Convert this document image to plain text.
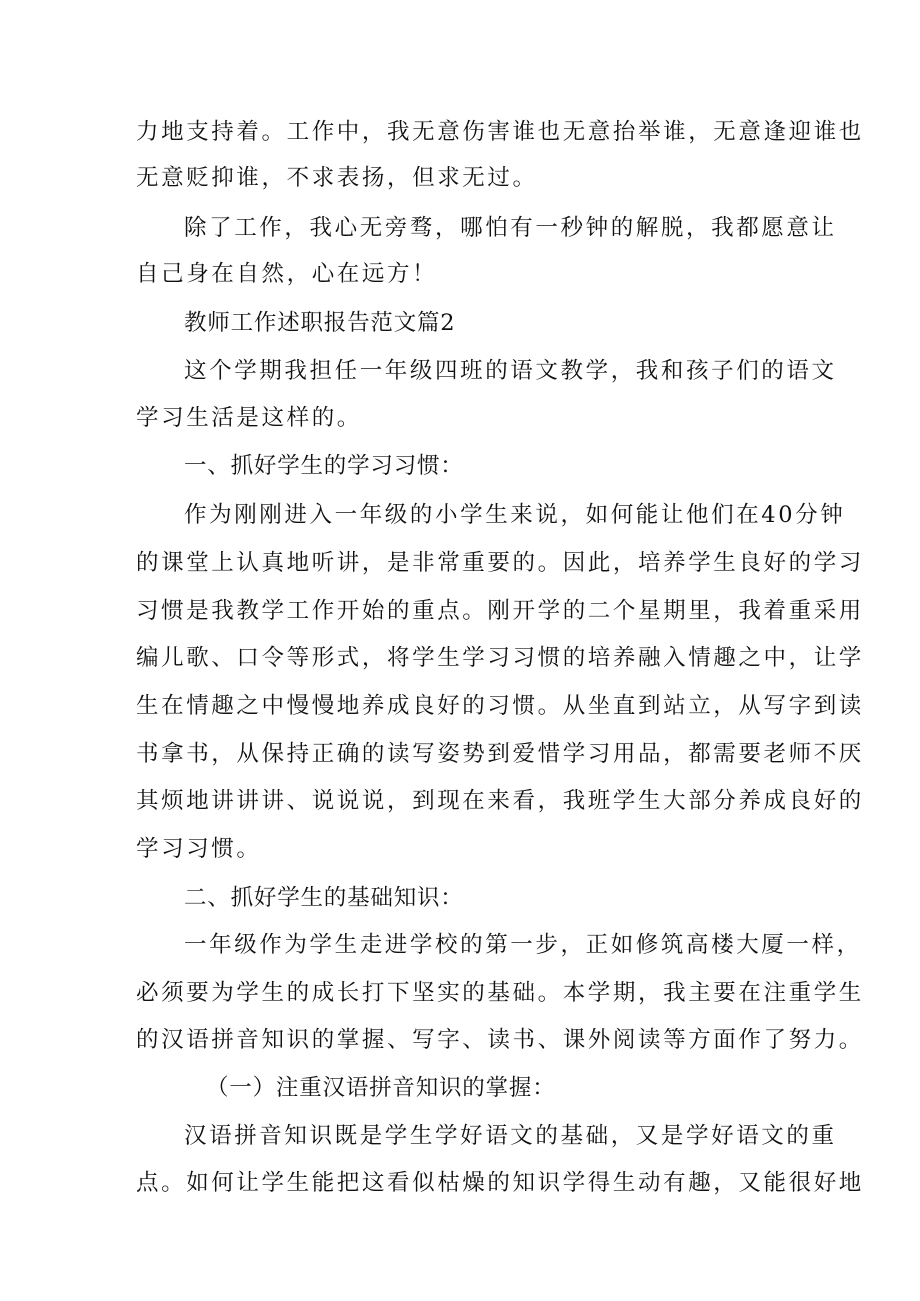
力地支持着。工作中，我无意伤害谁也无意抬举谁，无意逢迎谁也
无意贬抑谁，不求表扬，但求无过。
除了工作，我心无旁骛，哪怕有一秒钟的解脱，我都愿意让
自己身在自然，心在远方！
教师工作述职报告范文篇2
这个学期我担任一年级四班的语文教学，我和孩子们的语文
学习生活是这样的。
一、抓好学生的学习习惯：
作为刚刚进入一年级的小学生来说，如何能让他们在40分钟
的课堂上认真地听讲，是非常重要的。因此，培养学生良好的学习
习惯是我教学工作开始的重点。刚开学的二个星期里，我着重采用
编儿歌、口令等形式，将学生学习习惯的培养融入情趣之中，让学
生在情趣之中慢慢地养成良好的习惯。从坐直到站立，从写字到读
书拿书，从保持正确的读写姿势到爱惜学习用品，都需要老师不厌
其烦地讲讲讲、说说说，到现在来看，我班学生大部分养成良好的
学习习惯。
二、抓好学生的基础知识：
一年级作为学生走进学校的第一步，正如修筑高楼大厦一样，
必须要为学生的成长打下坚实的基础。本学期，我主要在注重学生
的汉语拼音知识的掌握、写字、读书、课外阅读等方面作了努力。
（一）注重汉语拼音知识的掌握：
汉语拼音知识既是学生学好语文的基础，又是学好语文的重
点。如何让学生能把这看似枯燥的知识学得生动有趣，又能很好地
